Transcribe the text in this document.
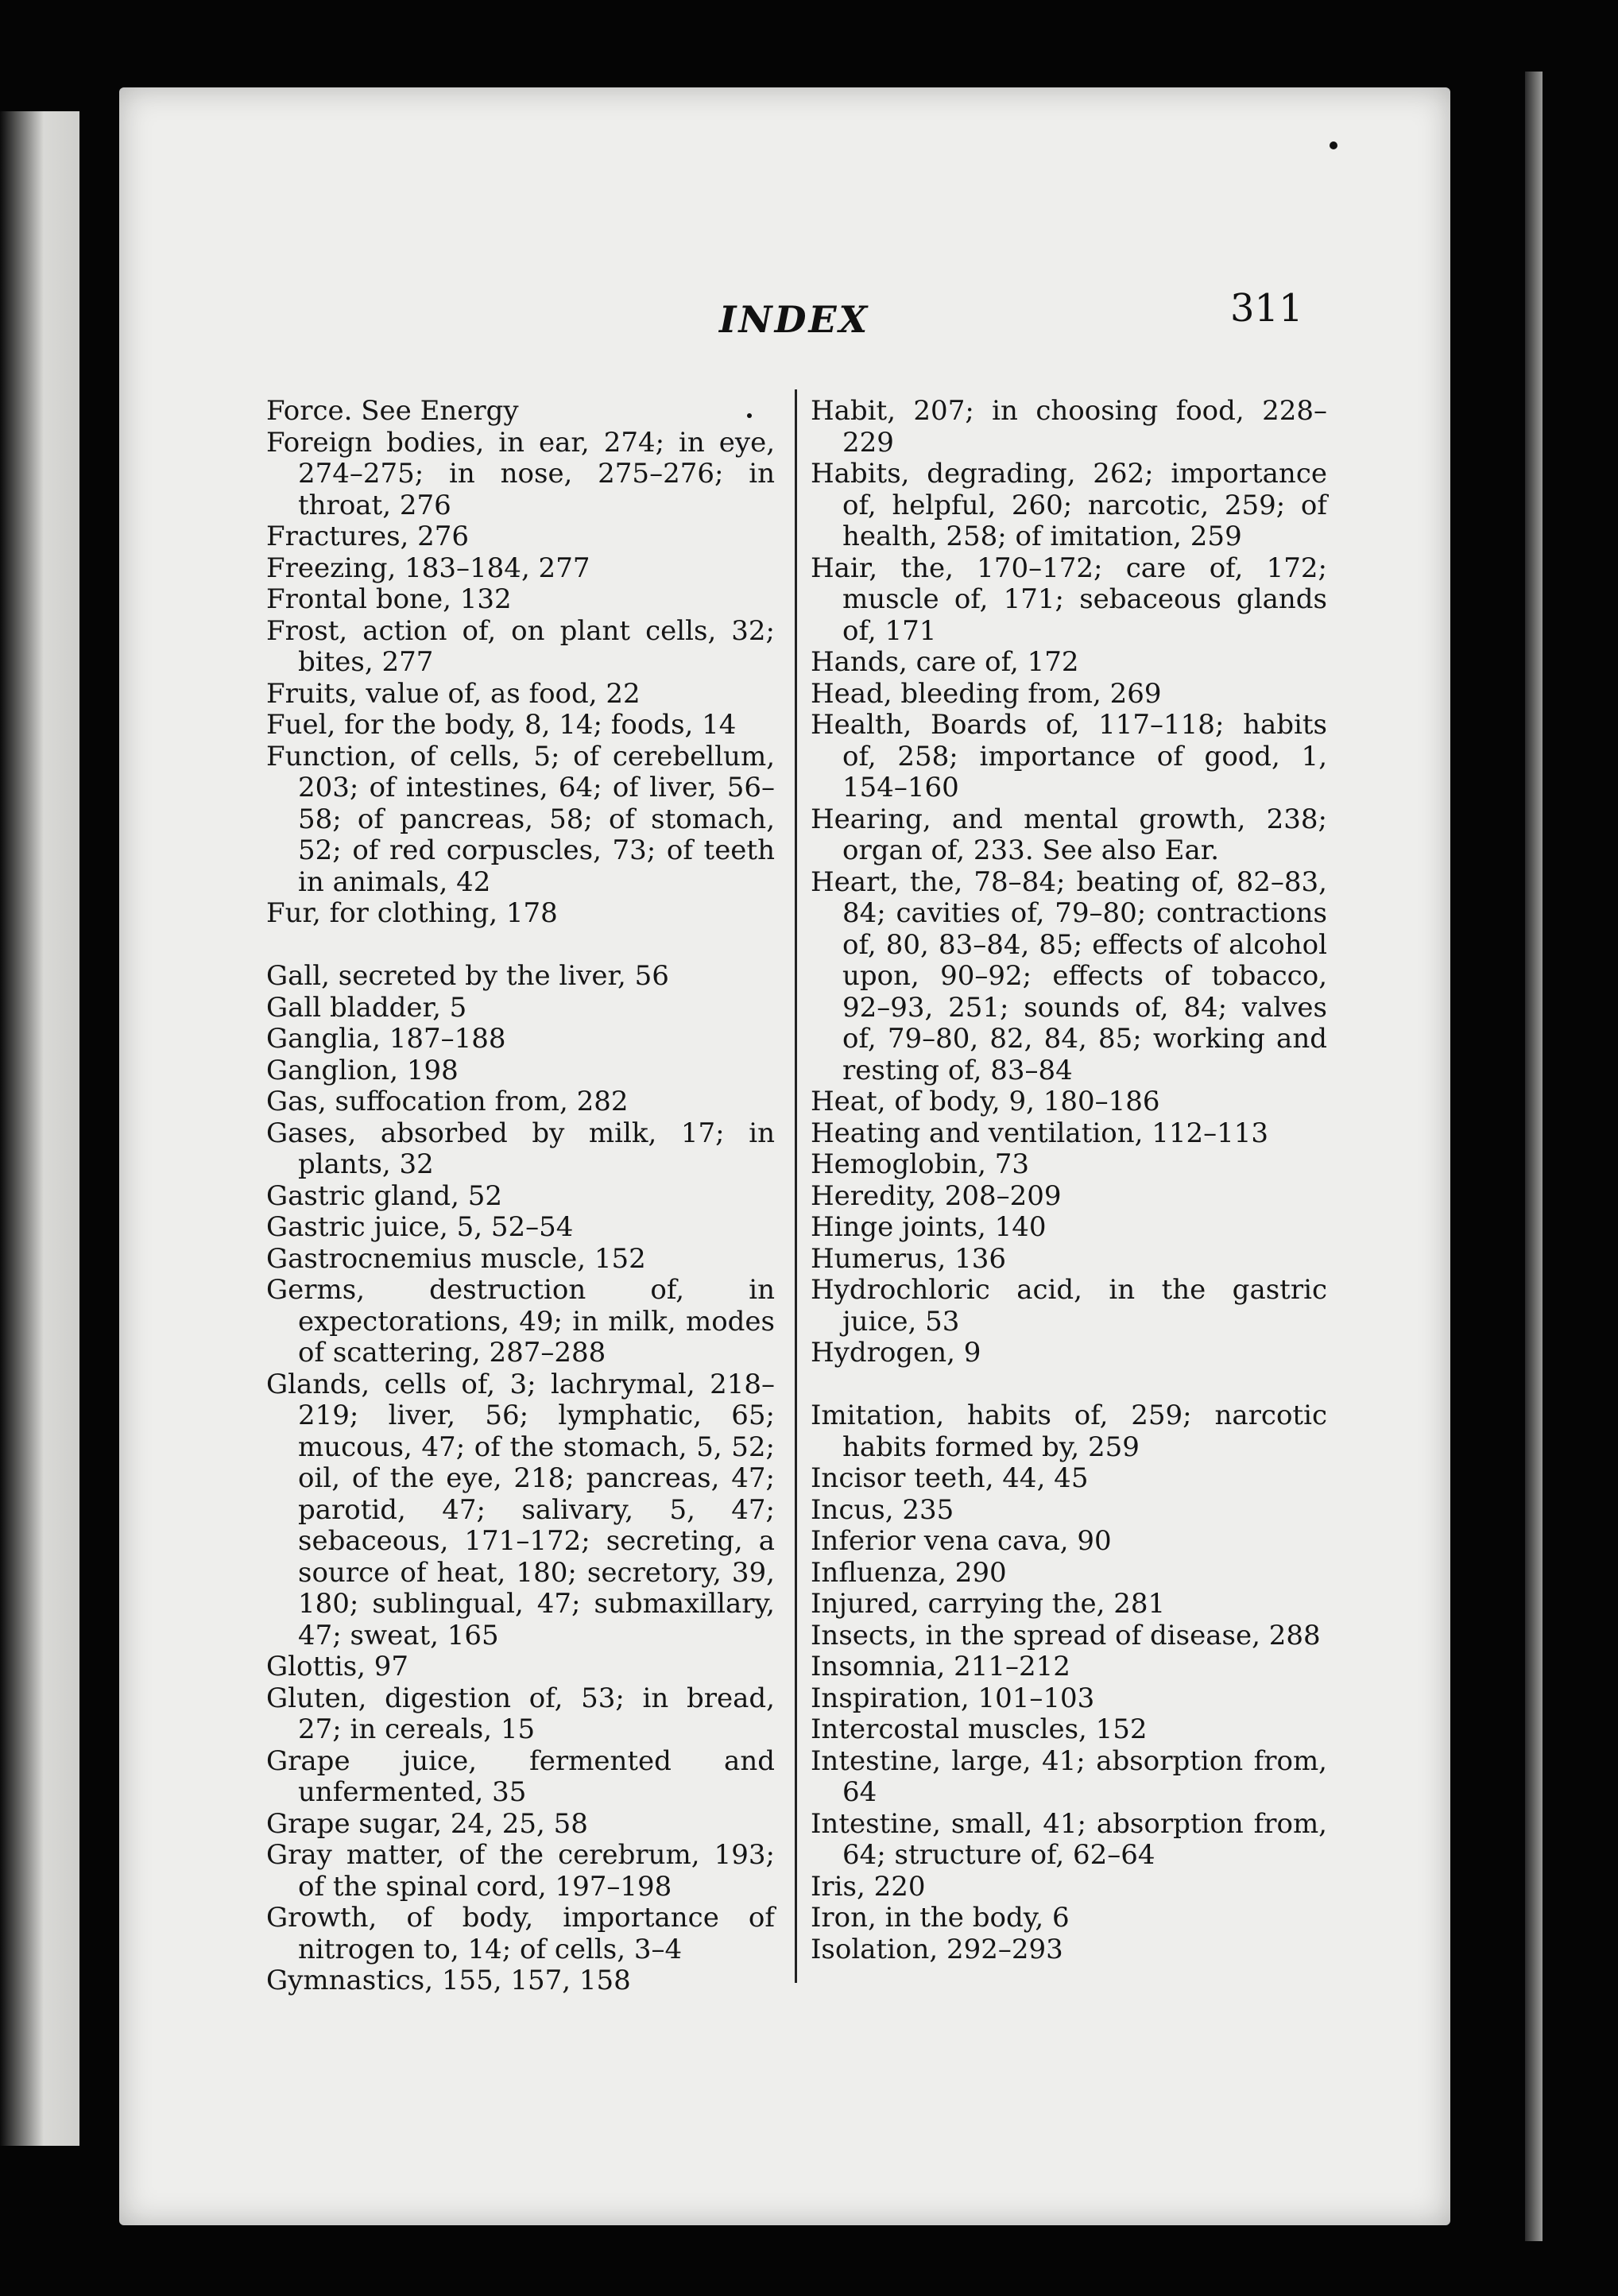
INDEX	311
Force. See Energy
Foreign bodies, in ear, 274; in eye, 274–275; in nose, 275–276; in throat, 276
Fractures, 276
Freezing, 183–184, 277
Frontal bone, 132
Frost, action of, on plant cells, 32; bites, 277
Fruits, value of, as food, 22
Fuel, for the body, 8, 14; foods, 14
Function, of cells, 5; of cerebellum, 203; of intestines, 64; of liver, 56–58; of pancreas, 58; of stomach, 52; of red corpuscles, 73; of teeth in animals, 42
Fur, for clothing, 178
Gall, secreted by the liver, 56
Gall bladder, 5
Ganglia, 187–188
Ganglion, 198
Gas, suffocation from, 282
Gases, absorbed by milk, 17; in plants, 32
Gastric gland, 52
Gastric juice, 5, 52–54
Gastrocnemius muscle, 152
Germs, destruction of, in expectorations, 49; in milk, modes of scattering, 287–288
Glands, cells of, 3; lachrymal, 218–219; liver, 56; lymphatic, 65; mucous, 47; of the stomach, 5, 52; oil, of the eye, 218; pancreas, 47; parotid, 47; salivary, 5, 47; sebaceous, 171–172; secreting, a source of heat, 180; secretory, 39, 180; sublingual, 47; submaxillary, 47; sweat, 165
Glottis, 97
Gluten, digestion of, 53; in bread, 27; in cereals, 15
Grape juice, fermented and unfermented, 35
Grape sugar, 24, 25, 58
Gray matter, of the cerebrum, 193; of the spinal cord, 197–198
Growth, of body, importance of nitrogen to, 14; of cells, 3–4
Gymnastics, 155, 157, 158
Habit, 207; in choosing food, 228–229
Habits, degrading, 262; importance of, helpful, 260; narcotic, 259; of health, 258; of imitation, 259
Hair, the, 170–172; care of, 172; muscle of, 171; sebaceous glands of, 171
Hands, care of, 172
Head, bleeding from, 269
Health, Boards of, 117–118; habits of, 258; importance of good, 1, 154–160
Hearing, and mental growth, 238; organ of, 233. See also Ear.
Heart, the, 78–84; beating of, 82–83, 84; cavities of, 79–80; contractions of, 80, 83–84, 85; effects of alcohol upon, 90–92; effects of tobacco, 92–93, 251; sounds of, 84; valves of, 79–80, 82, 84, 85; working and resting of, 83–84
Heat, of body, 9, 180–186
Heating and ventilation, 112–113
Hemoglobin, 73
Heredity, 208–209
Hinge joints, 140
Humerus, 136
Hydrochloric acid, in the gastric juice, 53
Hydrogen, 9
Imitation, habits of, 259; narcotic habits formed by, 259
Incisor teeth, 44, 45
Incus, 235
Inferior vena cava, 90
Influenza, 290
Injured, carrying the, 281
Insects, in the spread of disease, 288
Insomnia, 211–212
Inspiration, 101–103
Intercostal muscles, 152
Intestine, large, 41; absorption from, 64
Intestine, small, 41; absorption from, 64; structure of, 62–64
Iris, 220
Iron, in the body, 6
Isolation, 292–293
